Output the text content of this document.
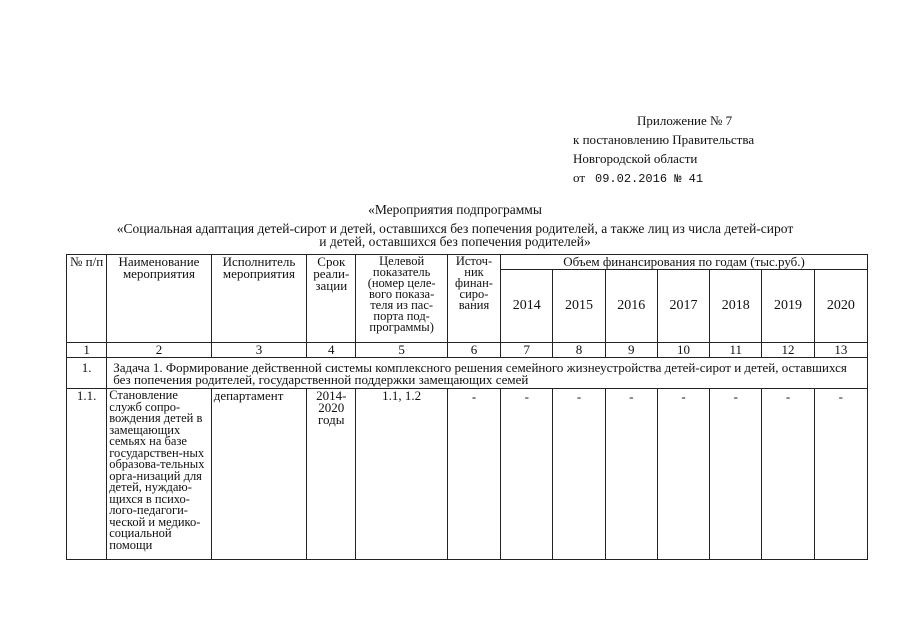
Приложение № 7
к постановлению Правительства
Новгородской области
от 09.02.2016 № 41
«Мероприятия подпрограммы
«Социальная адаптация детей-сирот и детей, оставшихся без попечения родителей, а также лиц из числа детей-сирот
и детей, оставшихся без попечения родителей»
№ п/п	Наименование мероприятия	Исполнитель мероприятия	Срок реали-зации	Целевой показатель (номер целе-вого показа-теля из пас-порта под-программы)	Источ-ник финан-сиро-вания	Объем финансирования по годам (тыс.руб.)						
						2014	2015	2016	2017	2018	2019	2020
1	2	3	4	5	6	7	8	9	10	11	12	13
1.	Задача 1. Формирование действенной системы комплексного решения семейного жизнеустройства детей-сирот и детей, оставшихся без попечения родителей, государственной поддержки замещающих семей											
1.1.	Становление служб сопро-вождения детей в замещающих семьях на базе государствен-ных образова-тельных орга-низаций для детей, нуждаю-щихся в психо-лого-педагоги-ческой и медико-социальной помощи	департамент	2014-2020 годы	1.1, 1.2	-	-	-	-	-	-	-	-
